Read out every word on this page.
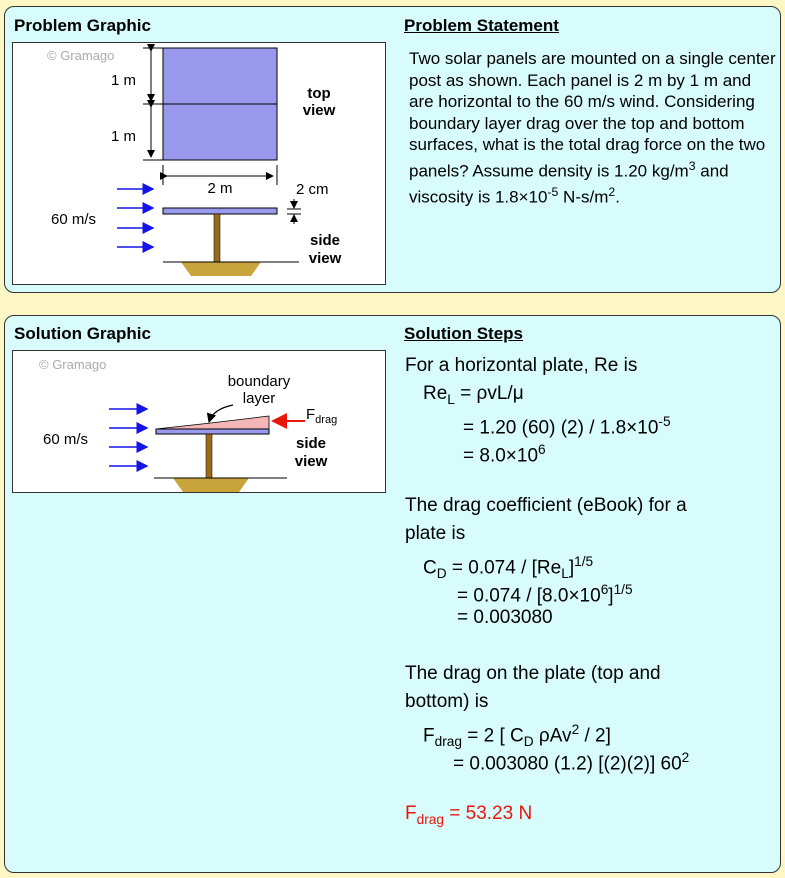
Problem Graphic	Problem Statement
© Gramago
1 m
1 m
top
view
2 m	2 cm
60 m/s
side
view
Two solar panels are mounted on a single center post as shown. Each panel is 2 m by 1 m and are horizontal to the 60 m/s wind. Considering boundary layer drag over the top and bottom surfaces, what is the total drag force on the two panels? Assume density is 1.20 $kg/m^3$ and viscosity is $1.8\times 10^{-5}$ $N-s/m^2$.
Solution Graphic	Solution Steps
© Gramago
boundary
layer
$F_{drag}$
60 m/s	side
view
For a horizontal plate, Re is
$Re_L = \rho vL/\mu$
= 1.20 (60) $(2) / 1.8\times 10^{-5}$
= $8.0\times 10^6$
The drag coefficient (eBook) for a
plate is
$C_D = 0.074 / [Re_L]^{1/5}$
= $0.074 / [8.0\times 10^6]^{1/5}$
= 0.003080
The drag on the plate (top and
bottom) is
$F_{drag} = 2$ [ $C_D$ ρAv$^2$ / 2]
= 0.003080 (1.2) [(2)(2)] $60^2$
$F_{drag} = 53.23$ N
